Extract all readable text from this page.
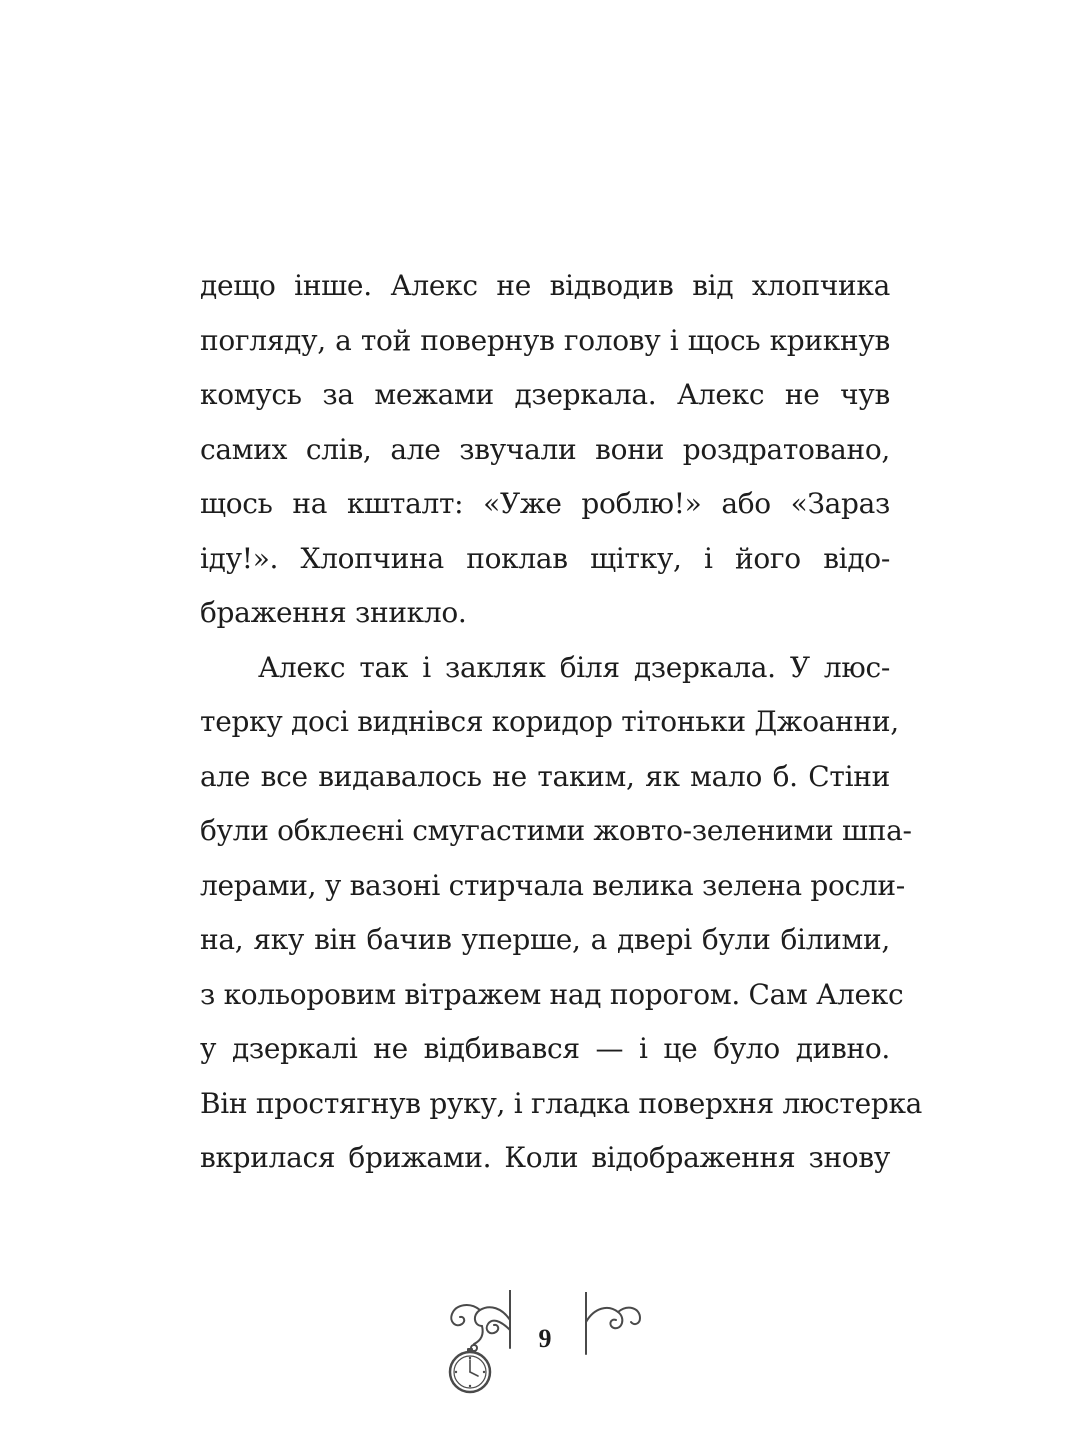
дещо інше. Алекс не відводив від хлопчика
погляду, а той повернув голову і щось крикнув
комусь за межами дзеркала. Алекс не чув
самих слів, але звучали вони роздратовано,
щось на кшталт: «Уже роблю!» або «Зараз
іду!». Хлопчина поклав щітку, і його відо-
браження зникло.
Алекс так і закляк біля дзеркала. У люс-
терку досі виднівся коридор тітоньки Джоанни,
але все видавалось не таким, як мало б. Стіни
були обклеєні смугастими жовто-зеленими шпа-
лерами, у вазоні стирчала велика зелена росли-
на, яку він бачив уперше, а двері були білими,
з кольоровим вітражем над порогом. Сам Алекс
у дзеркалі не відбивався — і це було дивно.
Він простягнув руку, і гладка поверхня люстерка
вкрилася брижами. Коли відображення знову
9
